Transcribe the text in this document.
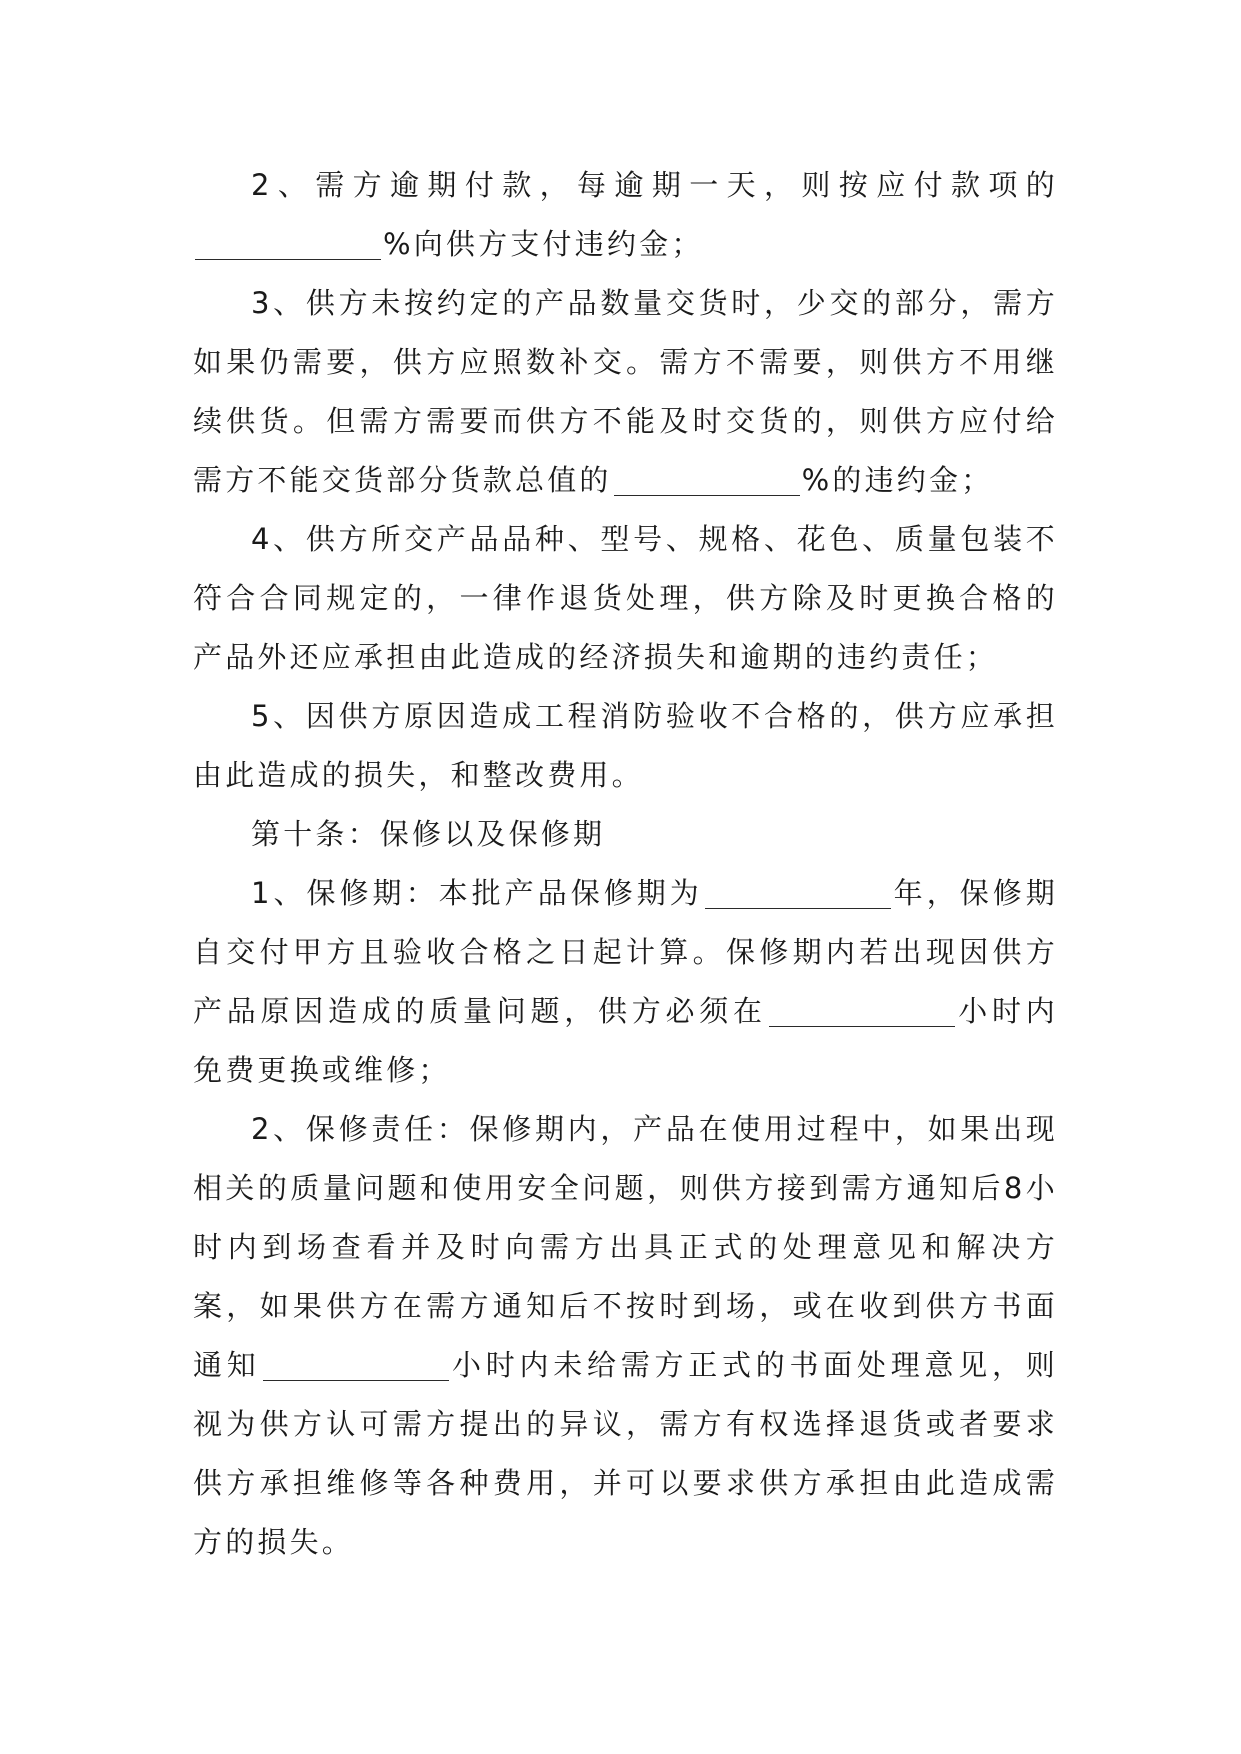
2、需方逾期付款，每逾期一天，则按应付款项的%向供方支付违约金；

3、供方未按约定的产品数量交货时，少交的部分，需方如果仍需要，供方应照数补交。需方不需要，则供方不用继续供货。但需方需要而供方不能及时交货的，则供方应付给需方不能交货部分货款总值的	%的违约金；

4、供方所交产品品种、型号、规格、花色、质量包装不符合合同规定的，一律作退货处理，供方除及时更换合格的产品外还应承担由此造成的经济损失和逾期的违约责任；

5、因供方原因造成工程消防验收不合格的，供方应承担由此造成的损失，和整改费用。

第十条：保修以及保修期

1、保修期：本批产品保修期为	年，保修期自交付甲方且验收合格之日起计算。保修期内若出现因供方产品原因造成的质量问题，供方必须在	小时内免费更换或维修；

2、保修责任：保修期内，产品在使用过程中，如果出现相关的质量问题和使用安全问题，则供方接到需方通知后8小时内到场查看并及时向需方出具正式的处理意见和解决方案，如果供方在需方通知后不按时到场，或在收到供方书面通知	小时内未给需方正式的书面处理意见，则视为供方认可需方提出的异议，需方有权选择退货或者要求供方承担维修等各种费用，并可以要求供方承担由此造成需方的损失。
